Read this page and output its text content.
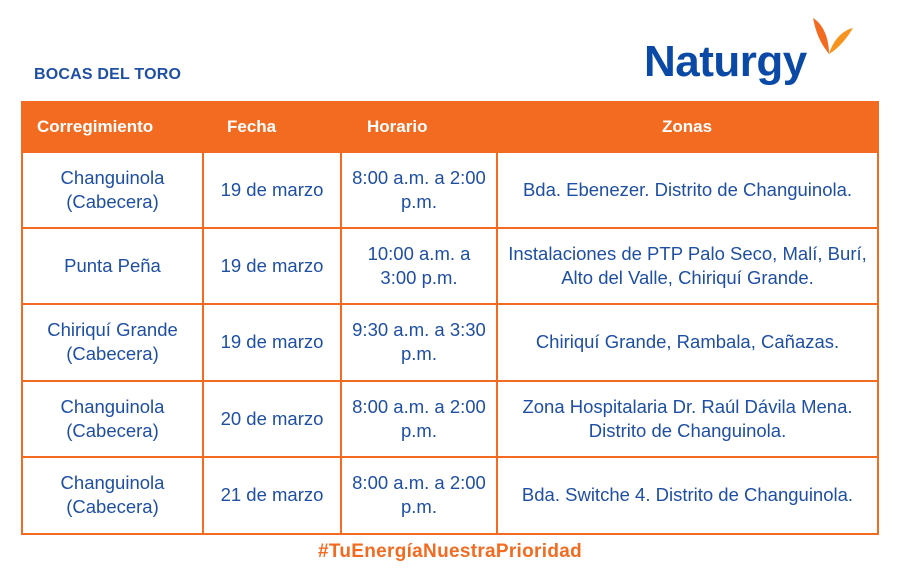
BOCAS DEL TORO	Naturgy
Corregimiento	Fecha	Horario	Zonas
Changuinola (Cabecera)	19 de marzo	8:00 a.m. a 2:00 p.m.	Bda. Ebenezer. Distrito de Changuinola.
Punta Peña	19 de marzo	10:00 a.m. a 3:00 p.m.	Instalaciones de PTP Palo Seco, Malí, Burí, Alto del Valle, Chiriquí Grande.
Chiriquí Grande (Cabecera)	19 de marzo	9:30 a.m. a 3:30 p.m.	Chiriquí Grande, Rambala, Cañazas.
Changuinola (Cabecera)	20 de marzo	8:00 a.m. a 2:00 p.m.	Zona Hospitalaria Dr. Raúl Dávila Mena. Distrito de Changuinola.
Changuinola (Cabecera)	21 de marzo	8:00 a.m. a 2:00 p.m.	Bda. Switche 4. Distrito de Changuinola.
#TuEnergíaNuestraPrioridad
